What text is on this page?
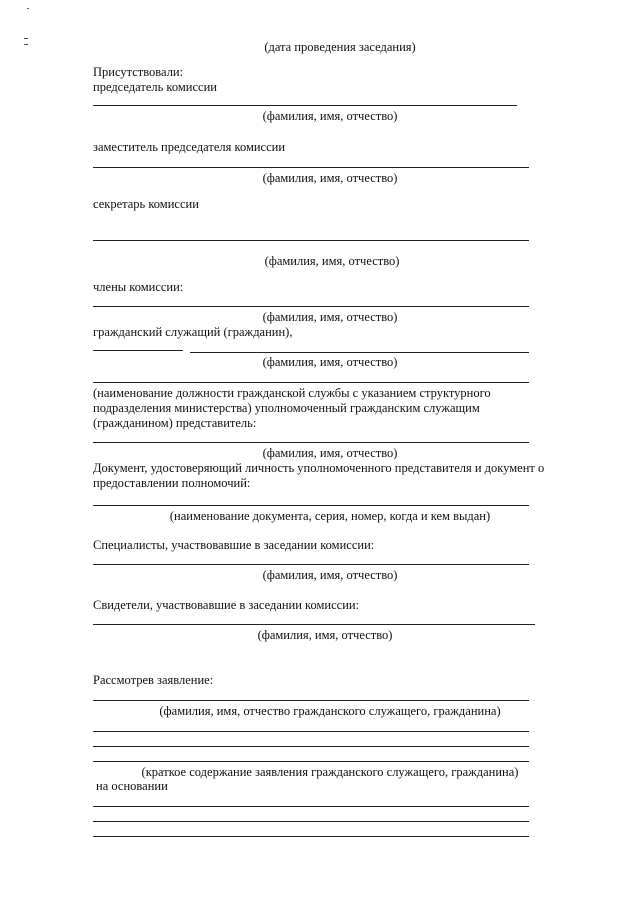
(дата проведения заседания)
Присутствовали:
председатель комиссии
(фамилия, имя, отчество)
заместитель председателя комиссии
(фамилия, имя, отчество)
секретарь комиссии
(фамилия, имя, отчество)
члены комиссии:
(фамилия, имя, отчество)
гражданский служащий (гражданин),
(фамилия, имя, отчество)
(наименование должности гражданской службы с указанием структурного
подразделения министерства) уполномоченный гражданским служащим
(гражданином) представитель:
(фамилия, имя, отчество)
Документ, удостоверяющий личность уполномоченного представителя и документ о
предоставлении полномочий:
(наименование документа, серия, номер, когда и кем выдан)
Специалисты, участвовавшие в заседании комиссии:
(фамилия, имя, отчество)
Свидетели, участвовавшие в заседании комиссии:
(фамилия, имя, отчество)
Рассмотрев заявление:
(фамилия, имя, отчество гражданского служащего, гражданина)
(краткое содержание заявления гражданского служащего, гражданина)
на основании
